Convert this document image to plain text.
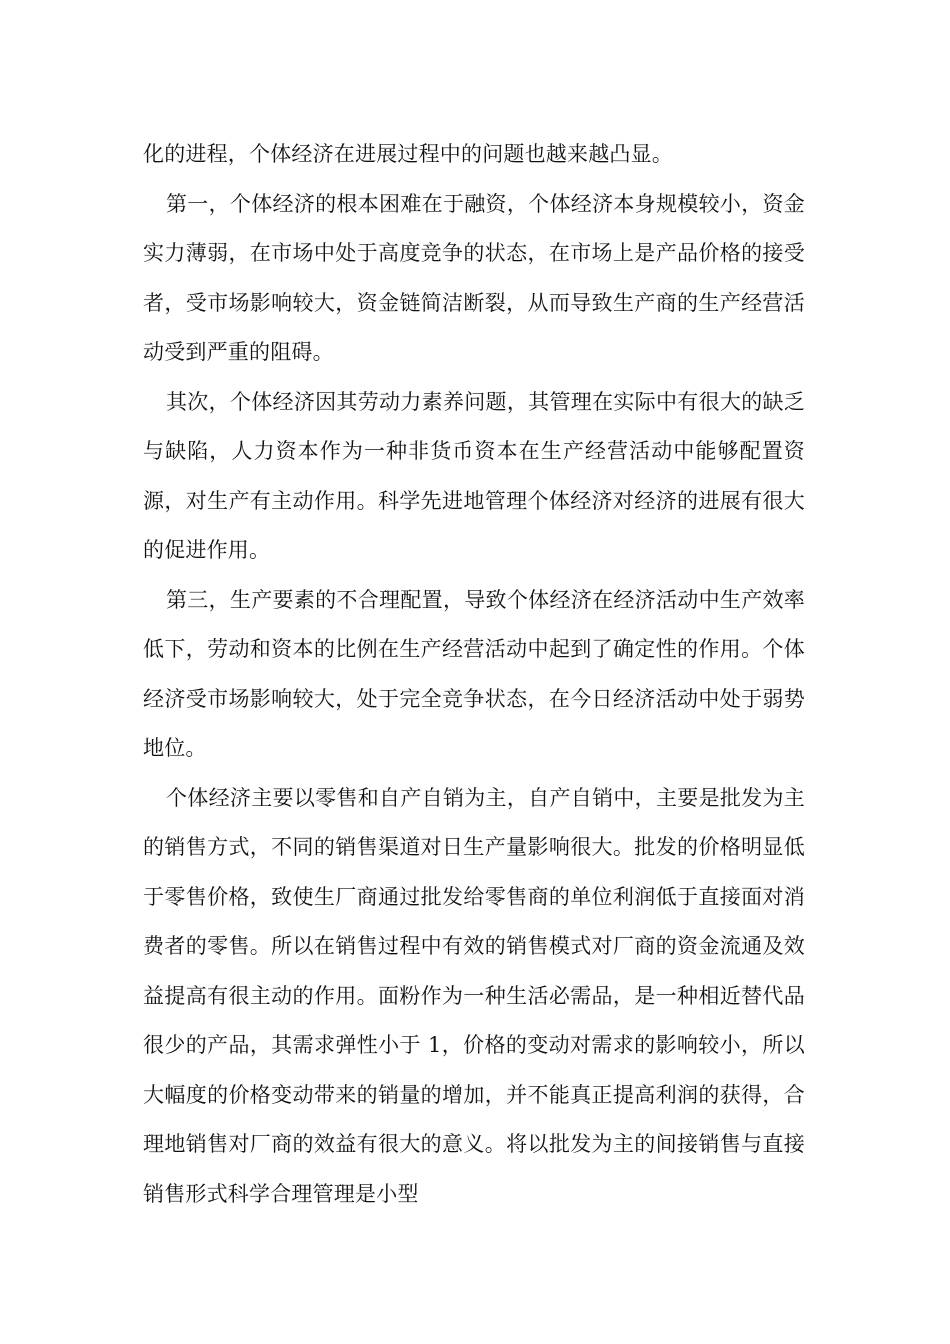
化的进程，个体经济在进展过程中的问题也越来越凸显。

第一，个体经济的根本困难在于融资，个体经济本身规模较小，资金实力薄弱，在市场中处于高度竞争的状态，在市场上是产品价格的接受者，受市场影响较大，资金链简洁断裂，从而导致生产商的生产经营活动受到严重的阻碍。

其次，个体经济因其劳动力素养问题，其管理在实际中有很大的缺乏与缺陷，人力资本作为一种非货币资本在生产经营活动中能够配置资源，对生产有主动作用。科学先进地管理个体经济对经济的进展有很大的促进作用。

第三，生产要素的不合理配置，导致个体经济在经济活动中生产效率低下，劳动和资本的比例在生产经营活动中起到了确定性的作用。个体经济受市场影响较大，处于完全竞争状态，在今日经济活动中处于弱势地位。

个体经济主要以零售和自产自销为主，自产自销中，主要是批发为主的销售方式，不同的销售渠道对日生产量影响很大。批发的价格明显低于零售价格，致使生厂商通过批发给零售商的单位利润低于直接面对消费者的零售。所以在销售过程中有效的销售模式对厂商的资金流通及效益提高有很主动的作用。面粉作为一种生活必需品，是一种相近替代品很少的产品，其需求弹性小于 1，价格的变动对需求的影响较小，所以大幅度的价格变动带来的销量的增加，并不能真正提高利润的获得，合理地销售对厂商的效益有很大的意义。将以批发为主的间接销售与直接销售形式科学合理管理是小型
